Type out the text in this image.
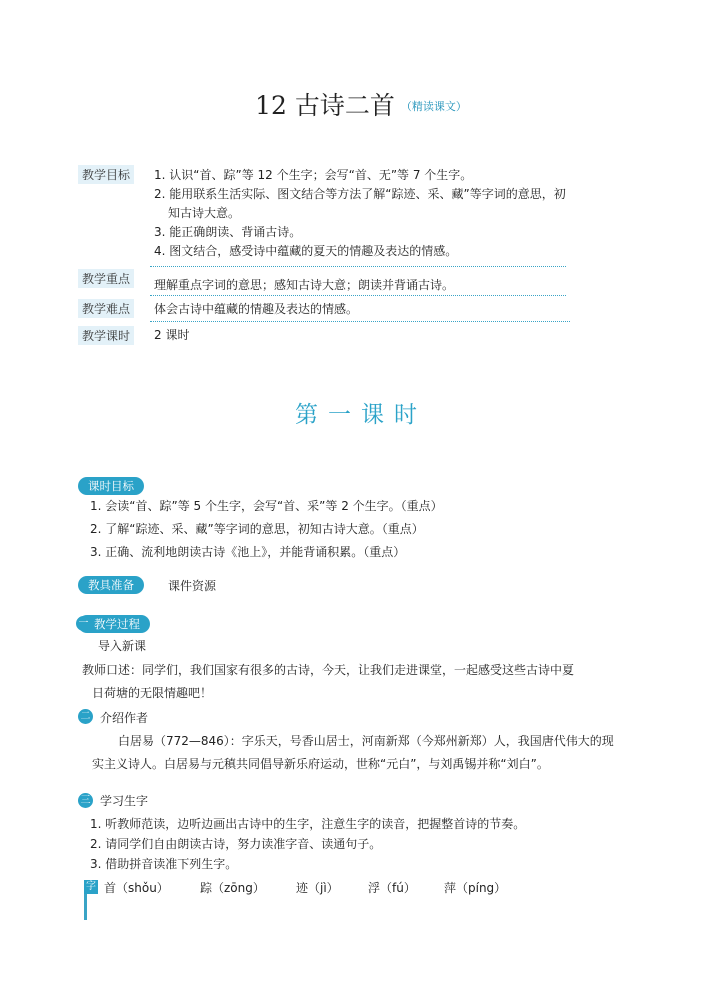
12 古诗二首 $^{(精读课文)}$
教学目标	1. 认识“首、踪”等 12 个生字；会写“首、无”等 7 个生字。
2. 能用联系生活实际、图文结合等方法了解“踪迹、采、藏”等字词的意思，初
知古诗大意。
3. 能正确朗读、背诵古诗。
4. 图文结合，感受诗中蕴藏的夏天的情趣及表达的情感。
教学重点	理解重点字词的意思；感知古诗大意；朗读并背诵古诗。
教学难点	体会古诗中蕴藏的情趣及表达的情感。
教学课时	2 课时
第一课时
课时目标
1. 会读“首、踪”等 5 个生字，会写“首、采”等 2 个生字。（重点）
2. 了解“踪迹、采、藏”等字词的意思，初知古诗大意。（重点）
3. 正确、流利地朗读古诗《池上》，并能背诵积累。（重点）
教具准备	课件资源
教学过程
一
导入新课
教师口述：同学们，我们国家有很多的古诗，今天，让我们走进课堂，一起感受这些古诗中夏
日荷塘的无限情趣吧！
二 介绍作者
白居易（772—846）：字乐天，号香山居士，河南新郑（今郑州新郑）人，我国唐代伟大的现
实主义诗人。白居易与元稹共同倡导新乐府运动，世称“元白”，与刘禹锡并称“刘白”。
三 学习生字
1. 听教师范读，边听边画出古诗中的生字，注意生字的读音，把握整首诗的节奏。
2. 请同学们自由朗读古诗，努力读准字音、读通句子。
3. 借助拼音读准下列生字。
字 首（shǒu）	踪（zōng）	迹（jì） 浮（fú） 萍（píng）
